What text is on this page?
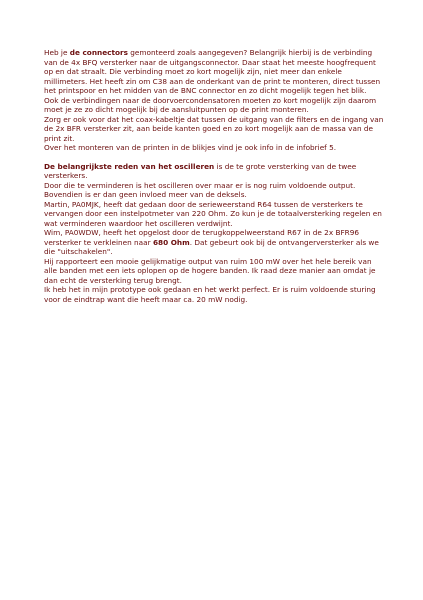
Heb je de connectors gemonteerd zoals aangegeven? Belangrijk hierbij is de verbinding van de 4x BFQ versterker naar de uitgangsconnector. Daar staat het meeste hoogfrequent op en dat straalt. Die verbinding moet zo kort mogelijk zijn, niet meer dan enkele millimeters. Het heeft zin om C38 aan de onderkant van de print te monteren, direct tussen het printspoor en het midden van de BNC connector en zo dicht mogelijk tegen het blik.

Ook de verbindingen naar de doorvoercondensatoren moeten zo kort mogelijk zijn daarom moet je ze zo dicht mogelijk bij de aansluitpunten op de print monteren.

Zorg er ook voor dat het coax-kabeltje dat tussen de uitgang van de filters en de ingang van de 2x BFR versterker zit, aan beide kanten goed en zo kort mogelijk aan de massa van de print zit.

Over het monteren van de printen in de blikjes vind je ook info in de infobrief 5.

De belangrijkste reden van het oscilleren is de te grote versterking van de twee versterkers.

Door die te verminderen is het oscilleren over maar er is nog ruim voldoende output.

Bovendien is er dan geen invloed meer van de deksels.

Martin, PA0MJK, heeft dat gedaan door de serieweerstand R64 tussen de versterkers te vervangen door een instelpotmeter van 220 Ohm. Zo kun je de totaalversterking regelen en wat verminderen waardoor het oscilleren verdwijnt.

Wim, PA0WDW, heeft het opgelost door de terugkoppelweerstand R67 in de 2x BFR96 versterker te verkleinen naar 680 Ohm. Dat gebeurt ook bij de ontvangerversterker als we die "uitschakelen".

Hij rapporteert een mooie gelijkmatige output van ruim 100 mW over het hele bereik van alle banden met een iets oplopen op de hogere banden. Ik raad deze manier aan omdat je dan echt de versterking terug brengt.

Ik heb het in mijn prototype ook gedaan en het werkt perfect. Er is ruim voldoende sturing voor de eindtrap want die heeft maar ca. 20 mW nodig.
